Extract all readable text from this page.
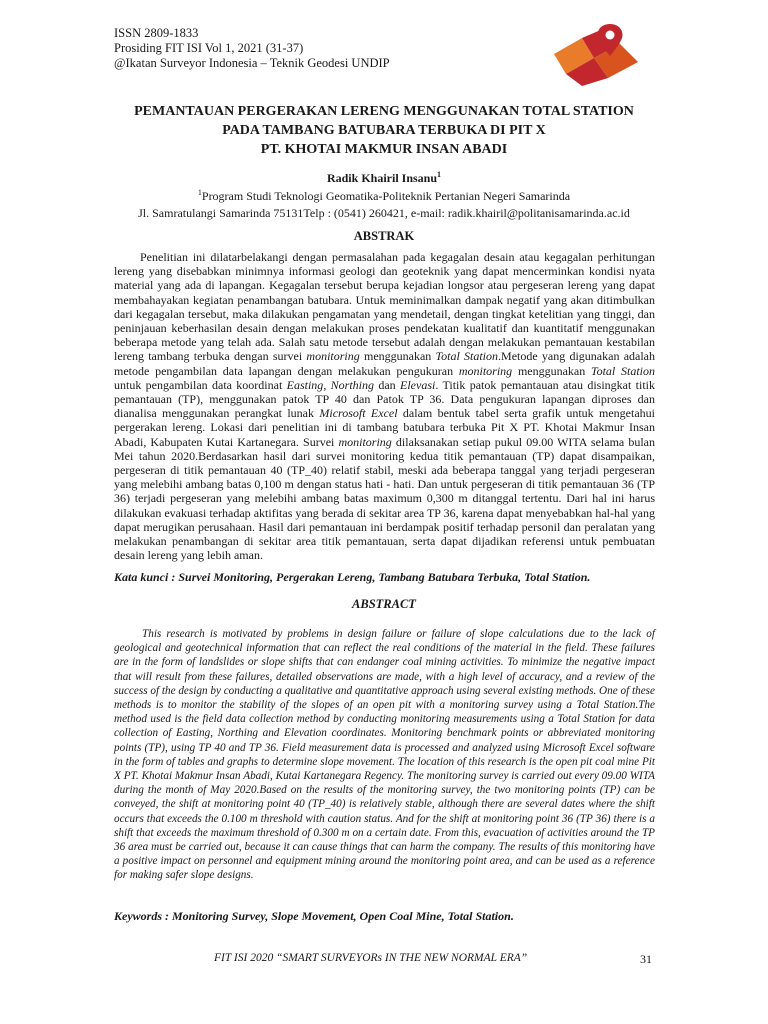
ISSN 2809-1833
Prosiding FIT ISI Vol 1, 2021 (31-37)
@Ikatan Surveyor Indonesia – Teknik Geodesi UNDIP
PEMANTAUAN PERGERAKAN LERENG MENGGUNAKAN TOTAL STATION
PADA TAMBANG BATUBARA TERBUKA DI PIT X
PT. KHOTAI MAKMUR INSAN ABADI
Radik Khairil Insanu$^1$
$^1$Program Studi Teknologi Geomatika-Politeknik Pertanian Negeri Samarinda
Jl. Samratulangi Samarinda 75131Telp : (0541) 260421, e-mail: radik.khairil@politanisamarinda.ac.id
ABSTRAK

Penelitian ini dilatarbelakangi dengan permasalahan pada kegagalan desain atau kegagalan perhitungan lereng yang disebabkan minimnya informasi geologi dan geoteknik yang dapat mencerminkan kondisi nyata material yang ada di lapangan. Kegagalan tersebut berupa kejadian longsor atau pergeseran lereng yang dapat membahayakan kegiatan penambangan batubara. Untuk meminimalkan dampak negatif yang akan ditimbulkan dari kegagalan tersebut, maka dilakukan pengamatan yang mendetail, dengan tingkat ketelitian yang tinggi, dan peninjauan keberhasilan desain dengan melakukan proses pendekatan kualitatif dan kuantitatif menggunakan beberapa metode yang telah ada. Salah satu metode tersebut adalah dengan melakukan pemantauan kestabilan lereng tambang terbuka dengan survei monitoring menggunakan Total Station.Metode yang digunakan adalah metode pengambilan data lapangan dengan melakukan pengukuran monitoring menggunakan Total Station untuk pengambilan data koordinat Easting, Northing dan Elevasi. Titik patok pemantauan atau disingkat titik pemantauan (TP), menggunakan patok TP 40 dan Patok TP 36. Data pengukuran lapangan diproses dan dianalisa menggunakan perangkat lunak Microsoft Excel dalam bentuk tabel serta grafik untuk mengetahui pergerakan lereng. Lokasi dari penelitian ini di tambang batubara terbuka Pit X PT. Khotai Makmur Insan Abadi, Kabupaten Kutai Kartanegara. Survei monitoring dilaksanakan setiap pukul 09.00 WITA selama bulan Mei tahun 2020.Berdasarkan hasil dari survei monitoring kedua titik pemantauan (TP) dapat disampaikan, pergeseran di titik pemantauan 40 (TP_40) relatif stabil, meski ada beberapa tanggal yang terjadi pergeseran yang melebihi ambang batas 0,100 m dengan status hati - hati. Dan untuk pergeseran di titik pemantauan 36 (TP 36) terjadi pergeseran yang melebihi ambang batas maximum 0,300 m ditanggal tertentu. Dari hal ini harus dilakukan evakuasi terhadap aktifitas yang berada di sekitar area TP 36, karena dapat menyebabkan hal-hal yang dapat merugikan perusahaan. Hasil dari pemantauan ini berdampak positif terhadap personil dan peralatan yang melakukan penambangan di sekitar area titik pemantauan, serta dapat dijadikan referensi untuk pembuatan desain lereng yang lebih aman.

Kata kunci : Survei Monitoring, Pergerakan Lereng, Tambang Batubara Terbuka, Total Station.
ABSTRACT

This research is motivated by problems in design failure or failure of slope calculations due to the lack of geological and geotechnical information that can reflect the real conditions of the material in the field. These failures are in the form of landslides or slope shifts that can endanger coal mining activities. To minimize the negative impact that will result from these failures, detailed observations are made, with a high level of accuracy, and a review of the success of the design by conducting a qualitative and quantitative approach using several existing methods. One of these methods is to monitor the stability of the slopes of an open pit with a monitoring survey using a Total Station.The method used is the field data collection method by conducting monitoring measurements using a Total Station for data collection of Easting, Northing and Elevation coordinates. Monitoring benchmark points or abbreviated monitoring points (TP), using TP 40 and TP 36. Field measurement data is processed and analyzed using Microsoft Excel software in the form of tables and graphs to determine slope movement. The location of this research is the open pit coal mine Pit X PT. Khotai Makmur Insan Abadi, Kutai Kartanegara Regency. The monitoring survey is carried out every 09.00 WITA during the month of May 2020.Based on the results of the monitoring survey, the two monitoring points (TP) can be conveyed, the shift at monitoring point 40 (TP_40) is relatively stable, although there are several dates where the shift occurs that exceeds the 0.100 m threshold with caution status. And for the shift at monitoring point 36 (TP 36) there is a shift that exceeds the maximum threshold of 0.300 m on a certain date. From this, evacuation of activities around the TP 36 area must be carried out, because it can cause things that can harm the company. The results of this monitoring have a positive impact on personnel and equipment mining around the monitoring point area, and can be used as a reference for making safer slope designs.

Keywords : Monitoring Survey, Slope Movement, Open Coal Mine, Total Station.
FIT ISI 2020 “SMART SURVEYORs IN THE NEW NORMAL ERA”	31
